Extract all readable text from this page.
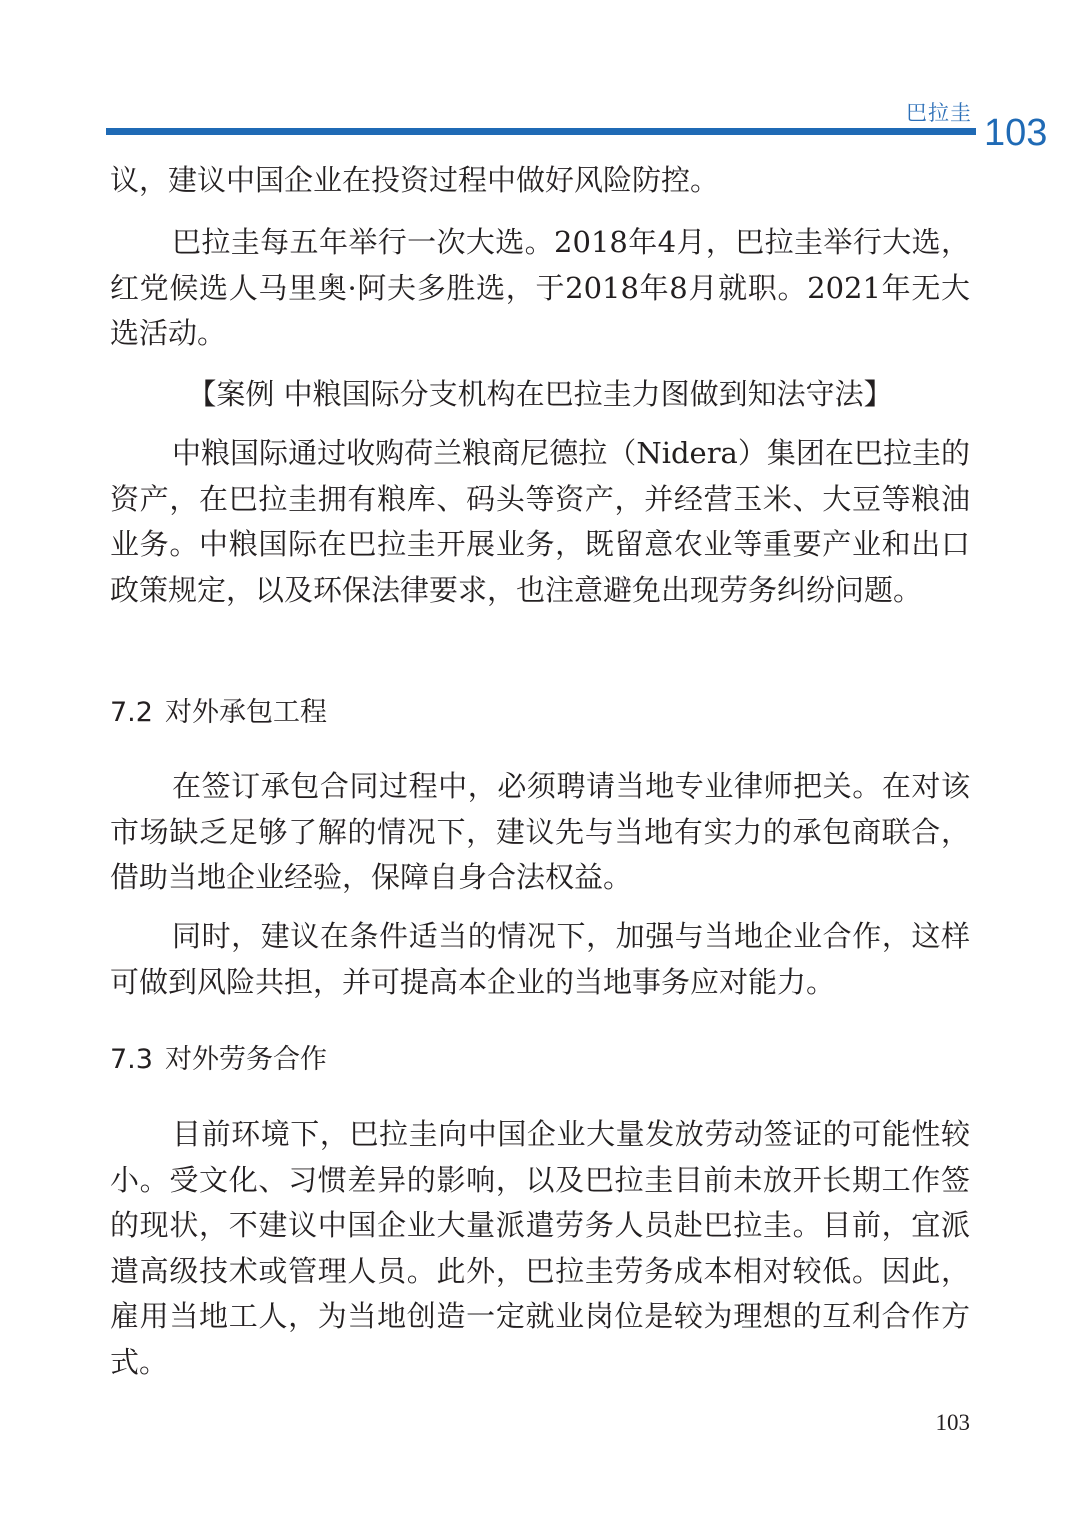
巴拉圭 103

议，建议中国企业在投资过程中做好风险防控。

巴拉圭每五年举行一次大选。2018年4月，巴拉圭举行大选，红党候选人马里奥·阿夫多胜选，于2018年8月就职。2021年无大选活动。

【案例 中粮国际分支机构在巴拉圭力图做到知法守法】

中粮国际通过收购荷兰粮商尼德拉（Nidera）集团在巴拉圭的资产，在巴拉圭拥有粮库、码头等资产，并经营玉米、大豆等粮油业务。中粮国际在巴拉圭开展业务，既留意农业等重要产业和出口政策规定，以及环保法律要求，也注意避免出现劳务纠纷问题。

7.2 对外承包工程

在签订承包合同过程中，必须聘请当地专业律师把关。在对该市场缺乏足够了解的情况下，建议先与当地有实力的承包商联合，借助当地企业经验，保障自身合法权益。

同时，建议在条件适当的情况下，加强与当地企业合作，这样可做到风险共担，并可提高本企业的当地事务应对能力。

7.3 对外劳务合作

目前环境下，巴拉圭向中国企业大量发放劳动签证的可能性较小。受文化、习惯差异的影响，以及巴拉圭目前未放开长期工作签的现状，不建议中国企业大量派遣劳务人员赴巴拉圭。目前，宜派遣高级技术或管理人员。此外，巴拉圭劳务成本相对较低。因此，雇用当地工人，为当地创造一定就业岗位是较为理想的互利合作方式。

103
